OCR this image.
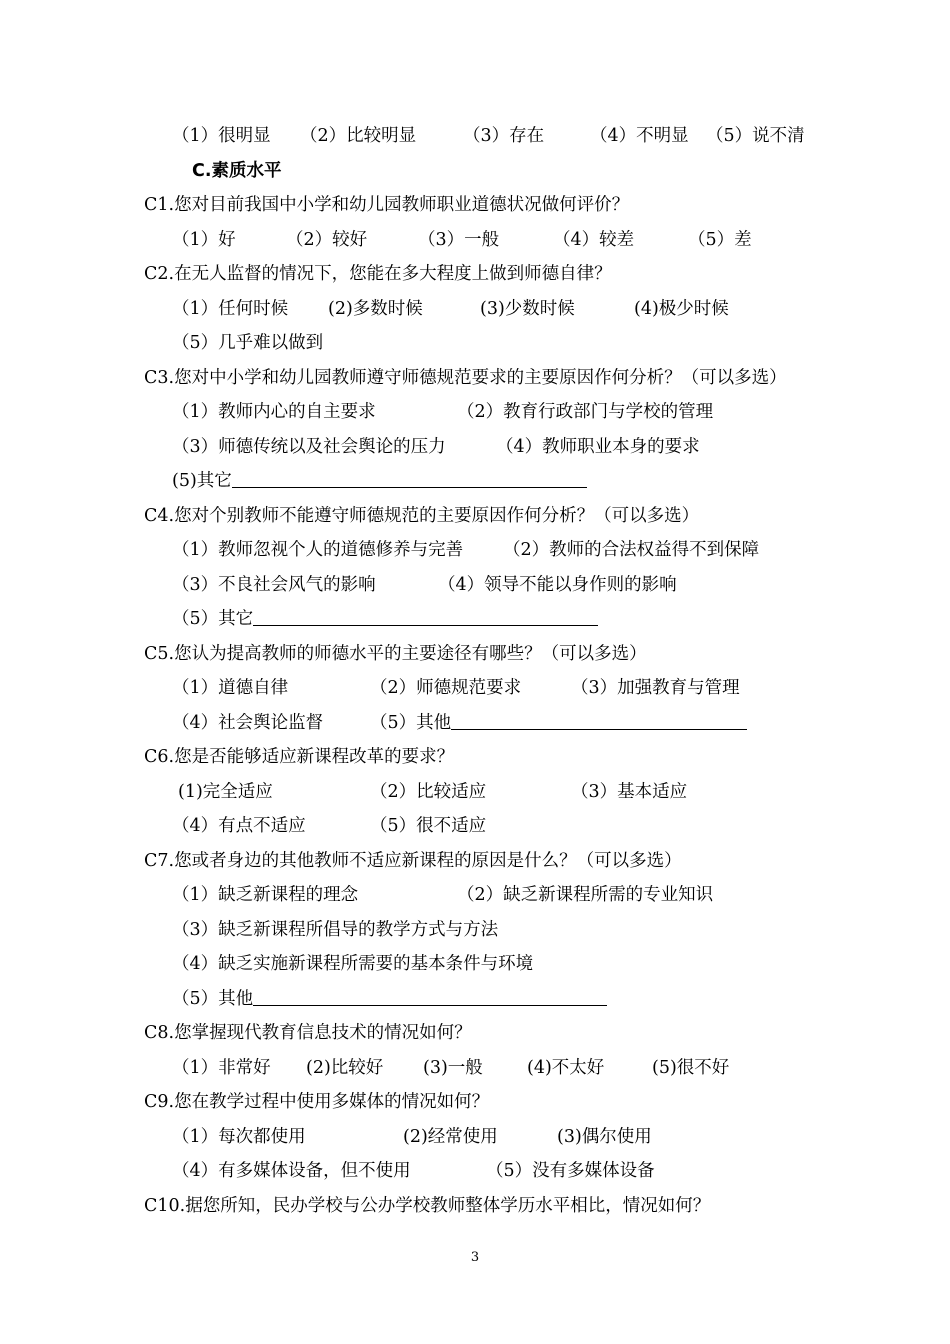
（1）很明显 （2）比较明显	（3）存在	（4）不明显 （5）说不清
C.素质水平
C1.您对目前我国中小学和幼儿园教师职业道德状况做何评价？
（1）好	（2）较好	（3）一般	（4）较差	（5）差
C2.在无人监督的情况下，您能在多大程度上做到师德自律？
（1）任何时候 (2)多数时候	(3)少数时候	(4)极少时候
（5）几乎难以做到
C3.您对中小学和幼儿园教师遵守师德规范要求的主要原因作何分析？（可以多选）
（1）教师内心的自主要求	（2）教育行政部门与学校的管理
（3）师德传统以及社会舆论的压力	（4）教师职业本身的要求
(5)其它
C4.您对个别教师不能遵守师德规范的主要原因作何分析？（可以多选）
（1）教师忽视个人的道德修养与完善 （2）教师的合法权益得不到保障
（3）不良社会风气的影响	（4）领导不能以身作则的影响
（5）其它
C5.您认为提高教师的师德水平的主要途径有哪些？（可以多选）
（1）道德自律	（2）师德规范要求	（3）加强教育与管理
（4）社会舆论监督	（5）其他
C6.您是否能够适应新课程改革的要求？
(1)完全适应	（2）比较适应	（3）基本适应
（4）有点不适应	（5）很不适应
C7.您或者身边的其他教师不适应新课程的原因是什么？（可以多选）
（1）缺乏新课程的理念	（2）缺乏新课程所需的专业知识
（3）缺乏新课程所倡导的教学方式与方法
（4）缺乏实施新课程所需要的基本条件与环境
（5）其他
C8.您掌握现代教育信息技术的情况如何？
（1）非常好 (2)比较好 (3)一般	(4)不太好	(5)很不好
C9.您在教学过程中使用多媒体的情况如何？
（1）每次都使用	(2)经常使用	(3)偶尔使用
（4）有多媒体设备，但不使用	（5）没有多媒体设备
C10.据您所知，民办学校与公办学校教师整体学历水平相比，情况如何？
3
